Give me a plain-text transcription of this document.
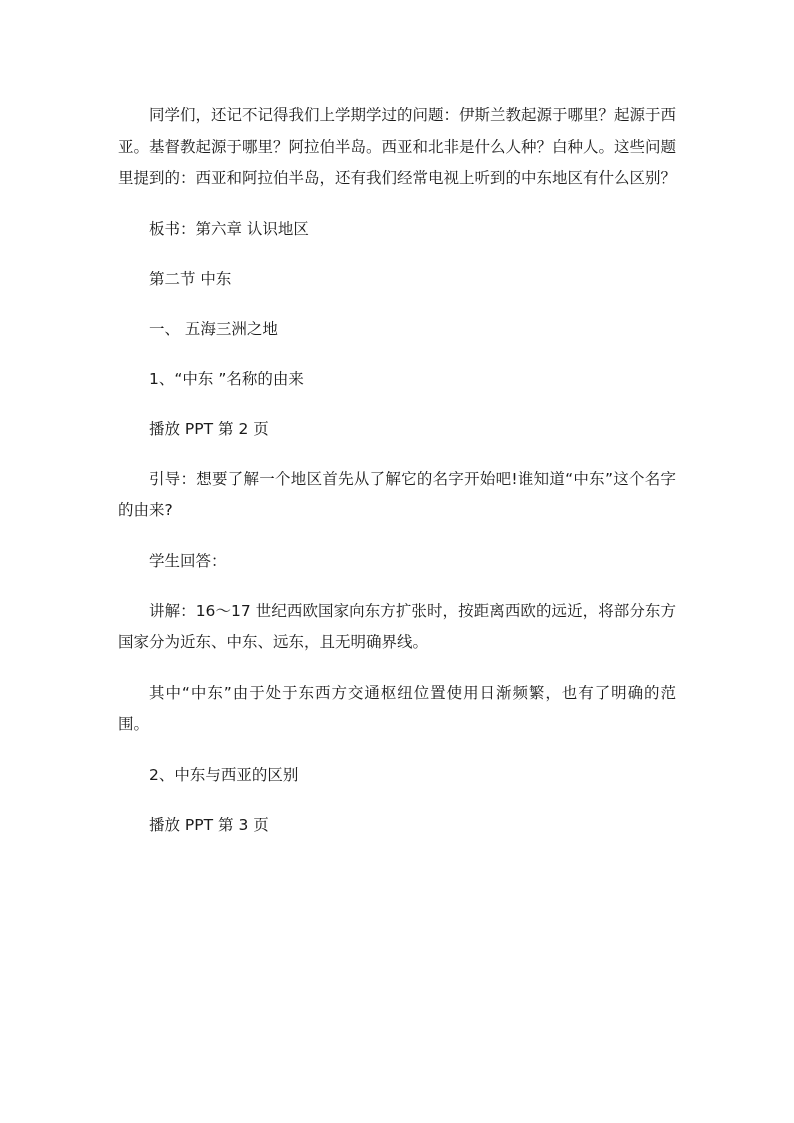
同学们，还记不记得我们上学期学过的问题：伊斯兰教起源于哪里？起源于西亚。基督教起源于哪里？阿拉伯半岛。西亚和北非是什么人种？白种人。这些问题里提到的：西亚和阿拉伯半岛，还有我们经常电视上听到的中东地区有什么区别？

板书：第六章 认识地区

第二节 中东

一、 五海三洲之地

1、“中东 ”名称的由来

播放 PPT 第 2 页

引导：想要了解一个地区首先从了解它的名字开始吧!谁知道“中东”这个名字的由来?

学生回答：

讲解：16～17 世纪西欧国家向东方扩张时，按距离西欧的远近，将部分东方国家分为近东、中东、远东，且无明确界线。

其中“中东”由于处于东西方交通枢纽位置使用日渐频繁，也有了明确的范围。

2、中东与西亚的区别

播放 PPT 第 3 页
